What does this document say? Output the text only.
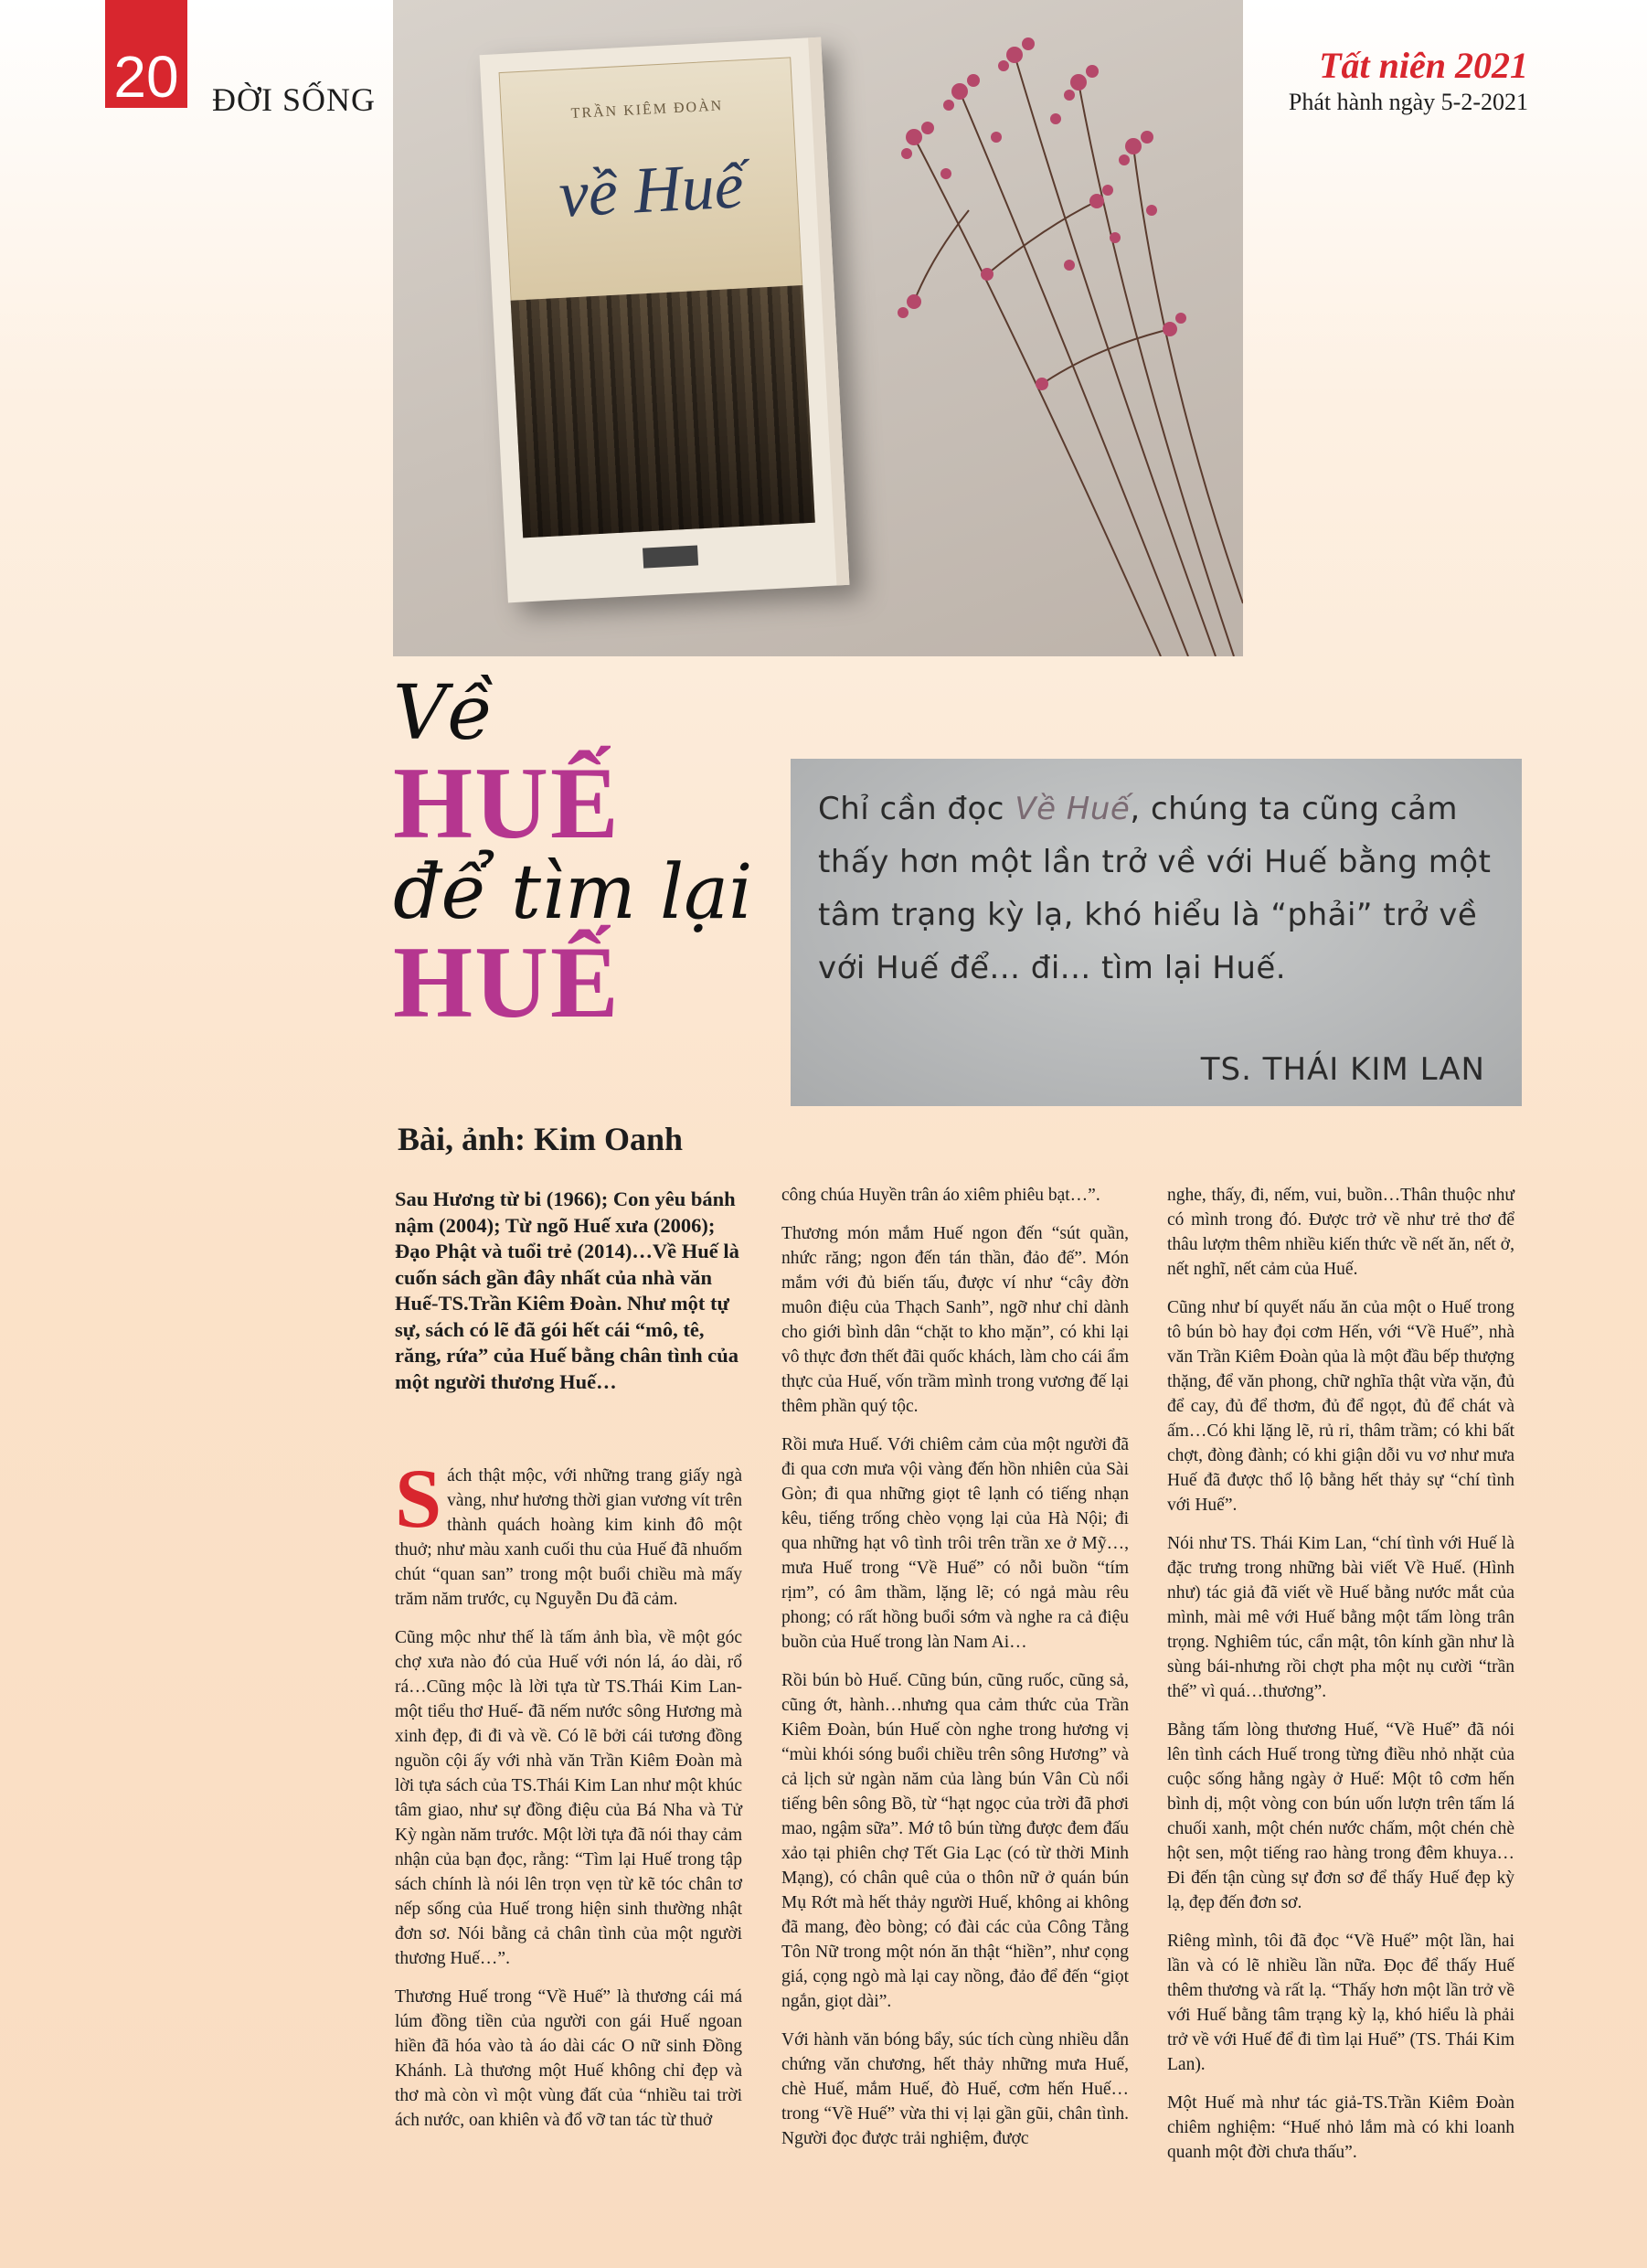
20 ĐỜI SỐNG
Tất niên 2021
Phát hành ngày 5-2-2021
TRẦN KIÊM ĐOÀN
về Huế
Về
HUẾ
để tìm lại
HUẾ
Chỉ cần đọc Về Huế, chúng ta cũng cảm thấy hơn một lần trở về với Huế bằng một tâm trạng kỳ lạ, khó hiểu là “phải” trở về với Huế để... đi... tìm lại Huế.
TS. THÁI KIM LAN
Bài, ảnh: Kim Oanh

Sau Hương từ bi (1966); Con yêu bánh nậm (2004); Từ ngõ Huế xưa (2006); Đạo Phật và tuổi trẻ (2014)…Về Huế là cuốn sách gần đây nhất của nhà văn Huế-TS.Trần Kiêm Đoàn. Như một tự sự, sách có lẽ đã gói hết cái “mô, tê, răng, rứa” của Huế bằng chân tình của một người thương Huế…

Sách thật mộc, với những trang giấy ngà vàng, như hương thời gian vương vít trên thành quách hoàng kim kinh đô một thuở; như màu xanh cuối thu của Huế đã nhuốm chút “quan san” trong một buổi chiều mà mấy trăm năm trước, cụ Nguyễn Du đã cảm.

Cũng mộc như thế là tấm ảnh bìa, về một góc chợ xưa nào đó của Huế với nón lá, áo dài, rổ rá…Cũng mộc là lời tựa từ TS.Thái Kim Lan-một tiểu thơ Huế- đã nếm nước sông Hương mà xinh đẹp, đi đi và về. Có lẽ bởi cái tương đồng nguồn cội ấy với nhà văn Trần Kiêm Đoàn mà lời tựa sách của TS.Thái Kim Lan như một khúc tâm giao, như sự đồng điệu của Bá Nha và Tử Kỳ ngàn năm trước. Một lời tựa đã nói thay cảm nhận của bạn đọc, rằng: “Tìm lại Huế trong tập sách chính là nói lên trọn vẹn từ kẽ tóc chân tơ nếp sống của Huế trong hiện sinh thường nhật đơn sơ. Nói bằng cả chân tình của một người thương Huế…”.

Thương Huế trong “Về Huế” là thương cái má lúm đồng tiền của người con gái Huế ngoan hiền đã hóa vào tà áo dài các O nữ sinh Đồng Khánh. Là thương một Huế không chỉ đẹp và thơ mà còn vì một vùng đất của “nhiều tai trời ách nước, oan khiên và đổ vỡ tan tác từ thuở

công chúa Huyền trân áo xiêm phiêu bạt…”.

Thương món mắm Huế ngon đến “sút quần, nhức răng; ngon đến tán thần, đảo đế”. Món mắm với đủ biến tấu, được ví như “cây đờn muôn điệu của Thạch Sanh”, ngỡ như chỉ dành cho giới bình dân “chặt to kho mặn”, có khi lại vô thực đơn thết đãi quốc khách, làm cho cái ẩm thực của Huế, vốn trầm mình trong vương đế lại thêm phần quý tộc.

Rồi mưa Huế. Với chiêm cảm của một người đã đi qua cơn mưa vội vàng đến hồn nhiên của Sài Gòn; đi qua những giọt tê lạnh có tiếng nhạn kêu, tiếng trống chèo vọng lại của Hà Nội; đi qua những hạt vô tình trôi trên trần xe ở Mỹ…, mưa Huế trong “Về Huế” có nỗi buồn “tím rịm”, có âm thầm, lặng lẽ; có ngả màu rêu phong; có rất hồng buổi sớm và nghe ra cả điệu buồn của Huế trong làn Nam Ai…

Rồi bún bò Huế. Cũng bún, cũng ruốc, cũng sả, cũng ớt, hành…nhưng qua cảm thức của Trần Kiêm Đoàn, bún Huế còn nghe trong hương vị “mùi khói sóng buổi chiều trên sông Hương” và cả lịch sử ngàn năm của làng bún Vân Cù nổi tiếng bên sông Bồ, từ “hạt ngọc của trời đã phơi mao, ngậm sữa”. Mớ tô bún từng được đem đấu xảo tại phiên chợ Tết Gia Lạc (có từ thời Minh Mạng), có chân quê của o thôn nữ ở quán bún Mụ Rớt mà hết thảy người Huế, không ai không đã mang, đèo bòng; có đài các của Công Tằng Tôn Nữ trong một nón ăn thật “hiền”, như cọng giá, cọng ngò mà lại cay nồng, đảo để đến “giọt ngắn, giọt dài”.

Với hành văn bóng bẩy, súc tích cùng nhiều dẫn chứng văn chương, hết thảy những mưa Huế, chè Huế, mắm Huế, đò Huế, cơm hến Huế…trong “Về Huế” vừa thi vị lại gần gũi, chân tình. Người đọc được trải nghiệm, được

nghe, thấy, đi, nếm, vui, buồn…Thân thuộc như có mình trong đó. Được trở về như trẻ thơ để thâu lượm thêm nhiều kiến thức về nết ăn, nết ở, nết nghĩ, nết cảm của Huế.

Cũng như bí quyết nấu ăn của một o Huế trong tô bún bò hay đọi cơm Hến, với “Về Huế”, nhà văn Trần Kiêm Đoàn qủa là một đầu bếp thượng thặng, để văn phong, chữ nghĩa thật vừa vặn, đủ để cay, đủ để thơm, đủ để ngọt, đủ để chát và ấm…Có khi lặng lẽ, rủ rỉ, thâm trầm; có khi bất chợt, đòng đành; có khi giận dỗi vu vơ như mưa Huế đã được thổ lộ bằng hết thảy sự “chí tình với Huế”.

Nói như TS. Thái Kim Lan, “chí tình với Huế là đặc trưng trong những bài viết Về Huế. (Hình như) tác giả đã viết về Huế bằng nước mắt của mình, mài mê với Huế bằng một tấm lòng trân trọng. Nghiêm túc, cẩn mật, tôn kính gần như là sùng bái-nhưng rồi chợt pha một nụ cười “trần thế” vì quá…thương”.

Bằng tấm lòng thương Huế, “Về Huế” đã nói lên tình cách Huế trong từng điều nhỏ nhặt của cuộc sống hằng ngày ở Huế: Một tô cơm hến bình dị, một vòng con bún uốn lượn trên tấm lá chuối xanh, một chén nước chấm, một chén chè hột sen, một tiếng rao hàng trong đêm khuya…Đi đến tận cùng sự đơn sơ để thấy Huế đẹp kỳ lạ, đẹp đến đơn sơ.

Riêng mình, tôi đã đọc “Về Huế” một lần, hai lần và có lẽ nhiều lần nữa. Đọc để thấy Huế thêm thương và rất lạ. “Thấy hơn một lần trở về với Huế bằng tâm trạng kỳ lạ, khó hiểu là phải trở về với Huế để đi tìm lại Huế” (TS. Thái Kim Lan).

Một Huế mà như tác giả-TS.Trần Kiêm Đoàn chiêm nghiệm: “Huế nhỏ lắm mà có khi loanh quanh một đời chưa thấu”.
